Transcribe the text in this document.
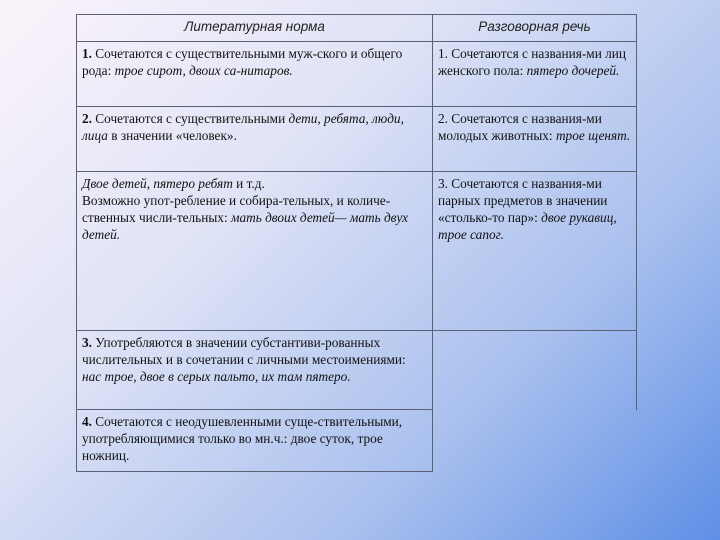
Литературная норма	Разговорная речь
1. Сочетаются с существительными муж-ского и общего рода: трое сирот, двоих са-нитаров.	1. Сочетаются с названия-ми лиц женского пола: пятеро дочерей.
2. Сочетаются с существительными дети, ребята, люди, лица в значении «человек».	2. Сочетаются с названия-ми молодых животных: трое щенят.
Двое детей, пятеро ребят и т.д.
Возможно упот-ребление и собира-тельных, и количе-ственных числи-тельных: мать двоих детей— мать двух детей.	3. Сочетаются с названия-ми парных предметов в значении «столько-то пар»: двое рукавиц, трое сапог.
3. Употребляются в значении субстантиви-рованных числительных и в сочетании с личными местоимениями: нас трое, двое в серых пальто, их там пятеро.	
4. Сочетаются с неодушевленными суще-ствительными, употребляющимися только во мн.ч.: двое суток, трое ножниц.	
